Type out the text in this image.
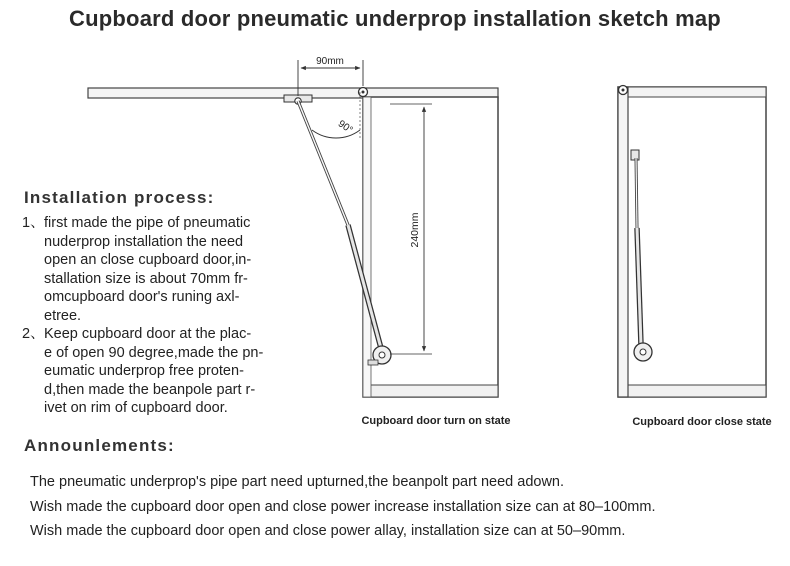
Cupboard door pneumatic underprop installation sketch map
90mm
90°
240mm
Cupboard door turn on state	Cupboard door close state
Installation process:
1、 first made the pipe of pneumatic
nuderprop installation the need
open an close cupboard door,in-
stallation size is about 70mm fr-
omcupboard door's runing axl-
etree.
2、 Keep cupboard door at the plac-
e of open 90 degree,made the pn-
eumatic underprop free proten-
d,then made the beanpole part r-
ivet on rim of cupboard door.
Announlements:
The pneumatic underprop's pipe part need upturned,the beanpolt part need adown.
Wish made the cupboard door open and close power increase installation size can at 80–100mm.
Wish made the cupboard door open and close power allay, installation size can at 50–90mm.
